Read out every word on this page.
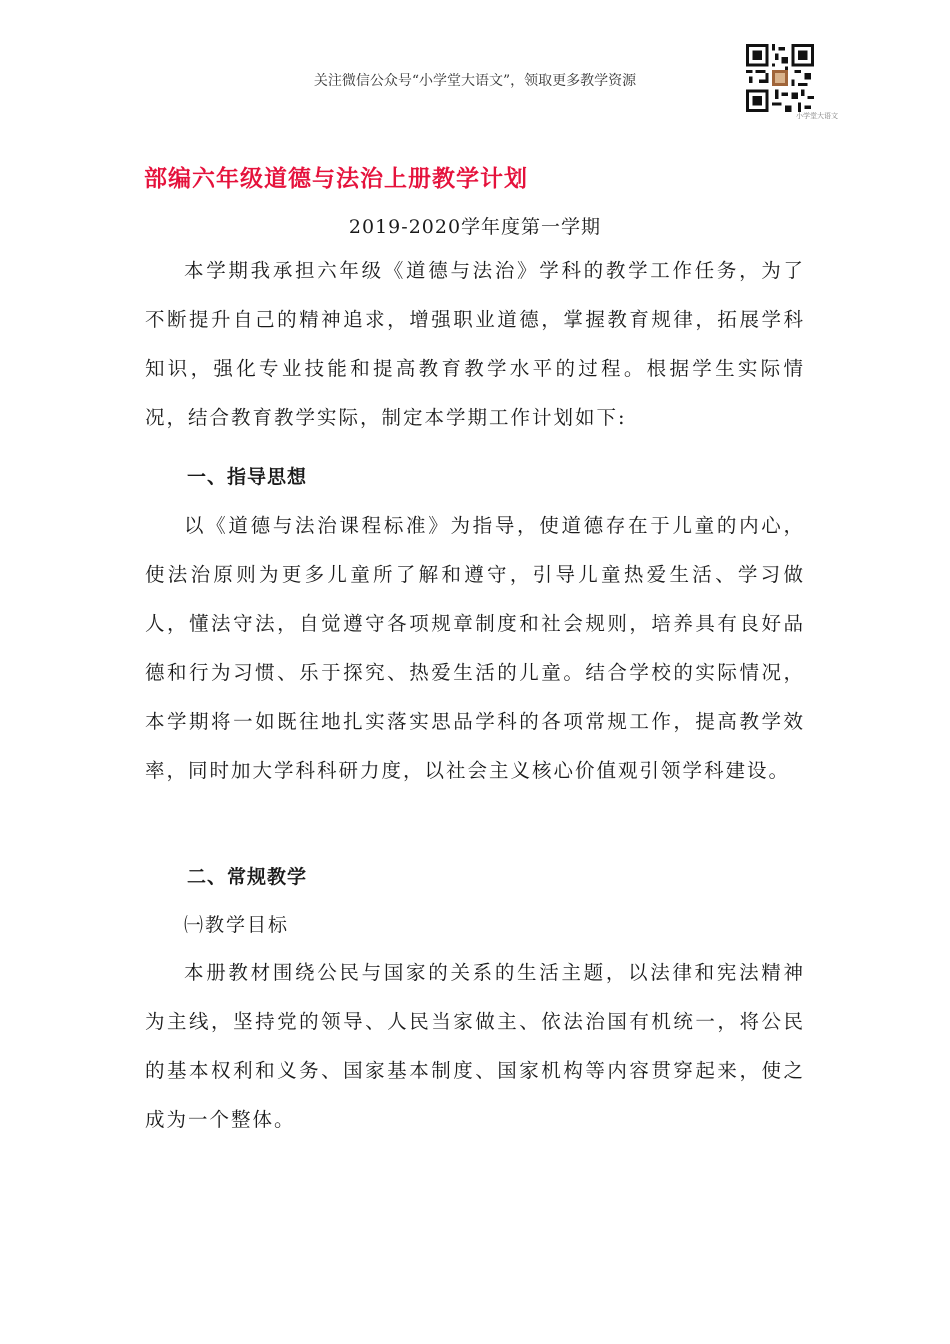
关注微信公众号“小学堂大语文”，领取更多教学资源
小学堂大语文
部编六年级道德与法治上册教学计划
2019-2020学年度第一学期

本学期我承担六年级《道德与法治》学科的教学工作任务，为了不断提升自己的精神追求，增强职业道德，掌握教育规律，拓展学科知识，强化专业技能和提高教育教学水平的过程。根据学生实际情况，结合教育教学实际，制定本学期工作计划如下:

一、指导思想

以《道德与法治课程标准》为指导，使道德存在于儿童的内心，使法治原则为更多儿童所了解和遵守，引导儿童热爱生活、学习做人，懂法守法，自觉遵守各项规章制度和社会规则，培养具有良好品德和行为习惯、乐于探究、热爱生活的儿童。结合学校的实际情况，本学期将一如既往地扎实落实思品学科的各项常规工作，提高教学效率，同时加大学科科研力度，以社会主义核心价值观引领学科建设。

二、常规教学
㈠教学目标

本册教材围绕公民与国家的关系的生活主题，以法律和宪法精神为主线，坚持党的领导、人民当家做主、依法治国有机统一，将公民的基本权利和义务、国家基本制度、国家机构等内容贯穿起来，使之成为一个整体。
